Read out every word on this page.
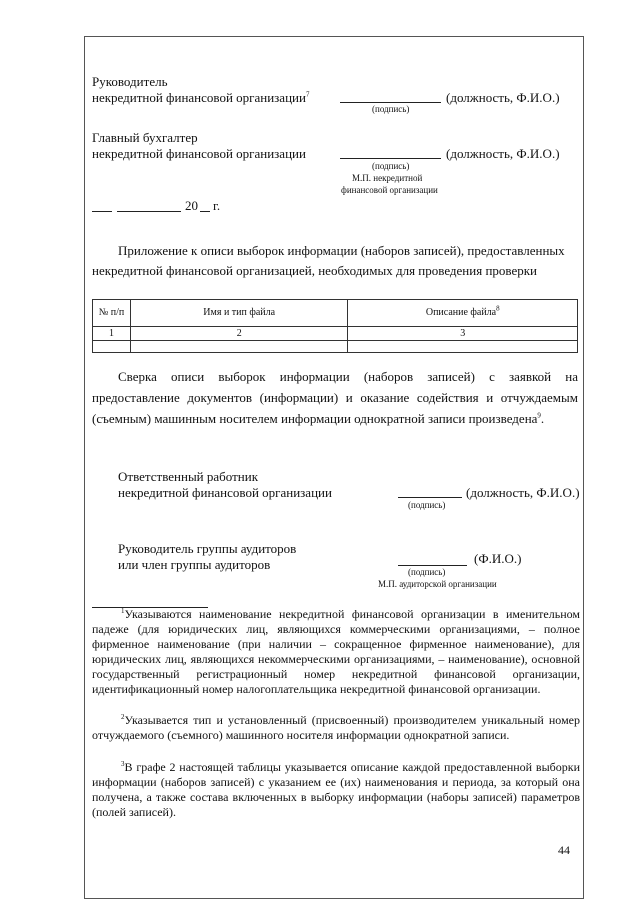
Руководитель
некредитной финансовой организации$^7$	(должность, Ф.И.О.)
(подпись)
Главный бухгалтер
некредитной финансовой организации	(должность, Ф.И.О.)
(подпись)
М.П. некредитной
финансовой организации
20 г.
Приложение к описи выборок информации (наборов записей), предоставленных
некредитной финансовой организацией, необходимых для проведения проверки
№ п/п	Имя и тип файла	Описание файла$^8$
1	2	3

Сверка описи выборок информации (наборов записей) с заявкой на
предоставление документов (информации) и оказание содействия и отчуждаемым
(съемным) машинным носителем информации однократной записи произведена$^9$.
Ответственный работник
некредитной финансовой организации	(должность, Ф.И.О.)
(подпись)
Руководитель группы аудиторов
или член группы аудиторов	(Ф.И.О.)
(подпись)
М.П. аудиторской организации
$^1$Указываются наименование некредитной финансовой организации в именительном падеже (для юридических лиц, являющихся коммерческими организациями, – полное фирменное наименование (при наличии – сокращенное фирменное наименование), для юридических лиц, являющихся некоммерческими организациями, – наименование), основной государственный регистрационный номер некредитной финансовой организации, идентификационный номер налогоплательщика некредитной финансовой организации.
$^2$Указывается тип и установленный (присвоенный) производителем уникальный номер отчуждаемого (съемного) машинного носителя информации однократной записи.
$^3$В графе 2 настоящей таблицы указывается описание каждой предоставленной выборки информации (наборов записей) с указанием ее (их) наименования и периода, за который она получена, а также состава включенных в выборку информации (наборы записей) параметров (полей записей).
44
